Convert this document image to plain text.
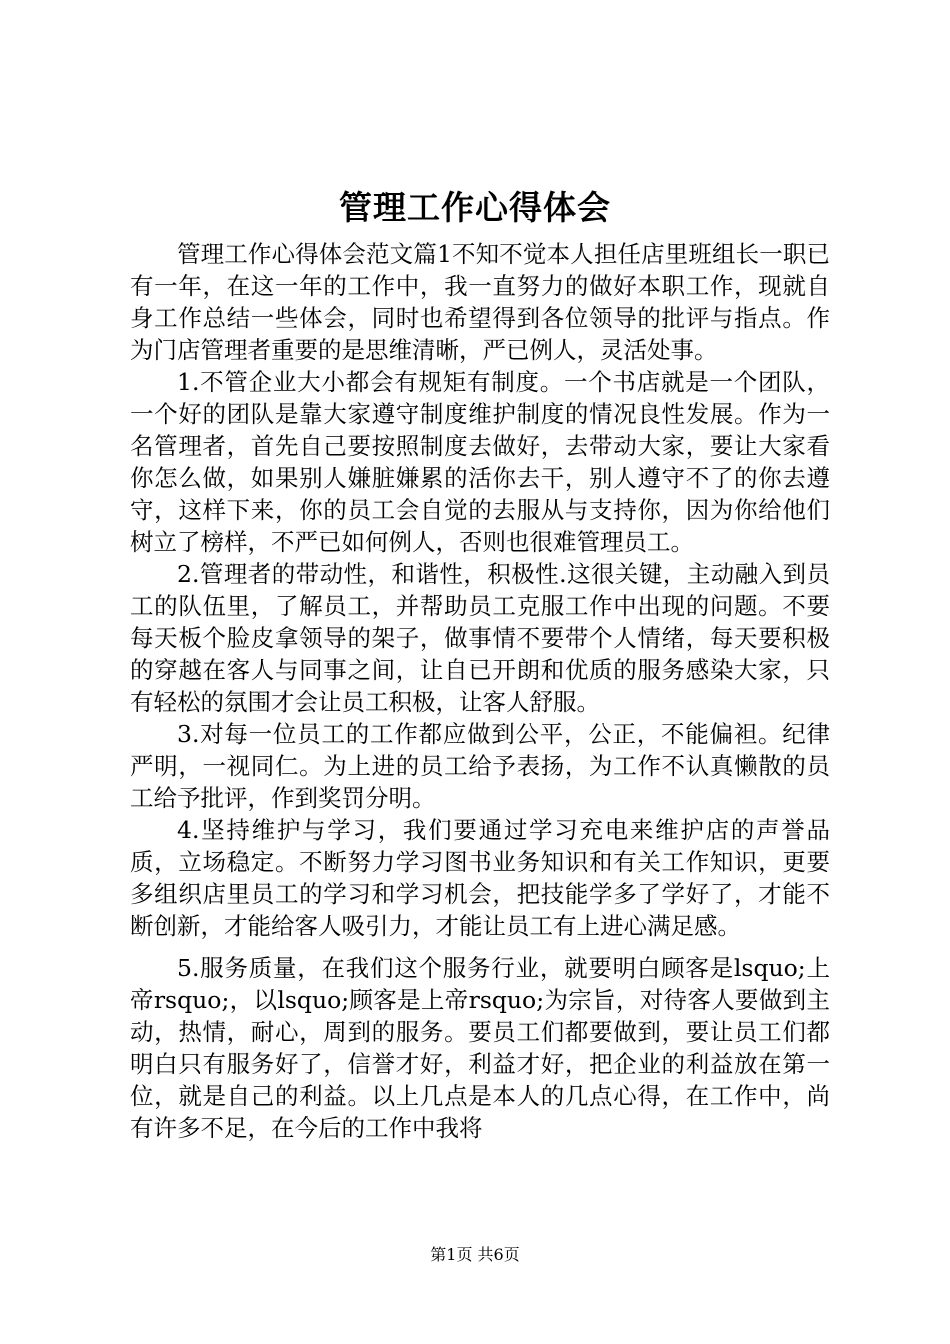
管理工作心得体会

管理工作心得体会范文篇1不知不觉本人担任店里班组长一职已有一年，在这一年的工作中，我一直努力的做好本职工作，现就自身工作总结一些体会，同时也希望得到各位领导的批评与指点。作为门店管理者重要的是思维清晰，严已例人，灵活处事。

1.不管企业大小都会有规矩有制度。一个书店就是一个团队，一个好的团队是靠大家遵守制度维护制度的情况良性发展。作为一名管理者，首先自己要按照制度去做好，去带动大家，要让大家看你怎么做，如果别人嫌脏嫌累的活你去干，别人遵守不了的你去遵守，这样下来，你的员工会自觉的去服从与支持你，因为你给他们树立了榜样，不严已如何例人，否则也很难管理员工。

2.管理者的带动性，和谐性，积极性.这很关键，主动融入到员工的队伍里，了解员工，并帮助员工克服工作中出现的问题。不要每天板个脸皮拿领导的架子，做事情不要带个人情绪，每天要积极的穿越在客人与同事之间，让自已开朗和优质的服务感染大家，只有轻松的氛围才会让员工积极，让客人舒服。

3.对每一位员工的工作都应做到公平，公正，不能偏袒。纪律严明，一视同仁。为上进的员工给予表扬，为工作不认真懒散的员工给予批评，作到奖罚分明。

4.坚持维护与学习，我们要通过学习充电来维护店的声誉品质，立场稳定。不断努力学习图书业务知识和有关工作知识，更要多组织店里员工的学习和学习机会，把技能学多了学好了，才能不断创新，才能给客人吸引力，才能让员工有上进心满足感。

5.服务质量，在我们这个服务行业，就要明白顾客是lsquo;上帝rsquo;，以lsquo;顾客是上帝rsquo;为宗旨，对待客人要做到主动，热情，耐心，周到的服务。要员工们都要做到，要让员工们都明白只有服务好了，信誉才好，利益才好，把企业的利益放在第一位，就是自己的利益。以上几点是本人的几点心得，在工作中，尚有许多不足，在今后的工作中我将

第1页 共6页
